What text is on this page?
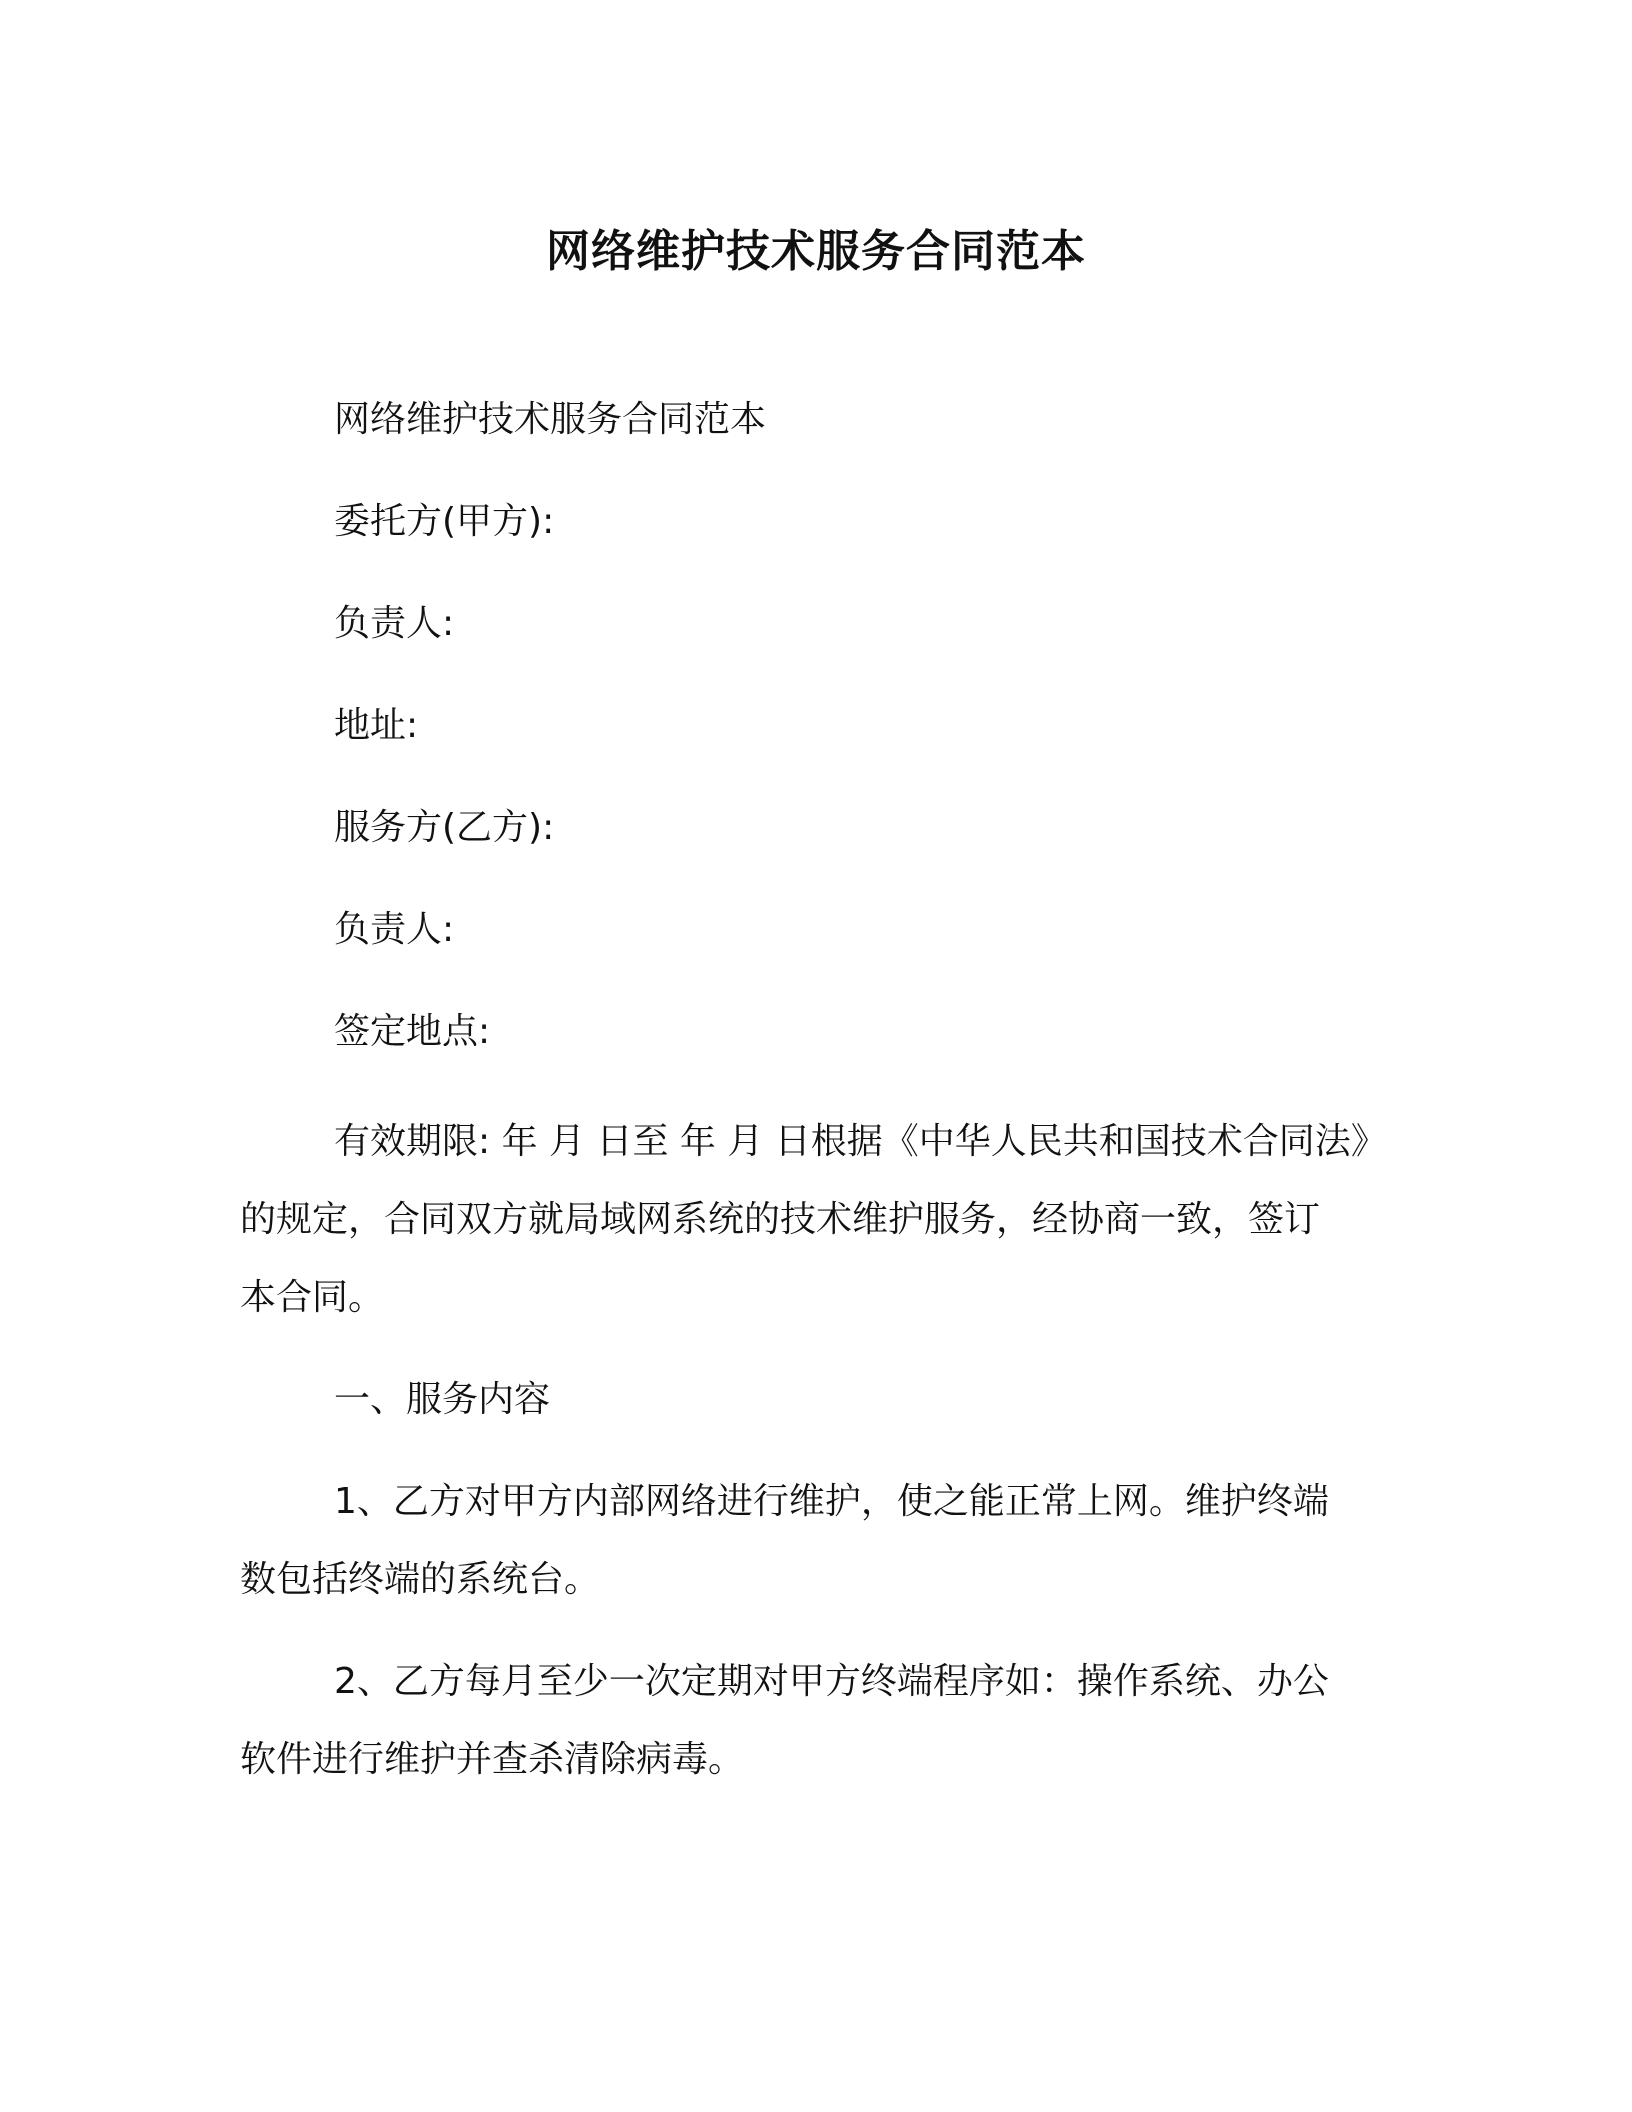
网络维护技术服务合同范本
网络维护技术服务合同范本
委托方(甲方):
负责人:
地址:
服务方(乙方):
负责人:
签定地点:
有效期限: 年 月 日至 年 月 日根据《中华人民共和国技术合同法》
的规定，合同双方就局域网系统的技术维护服务，经协商一致，签订
本合同。
一、服务内容
1、乙方对甲方内部网络进行维护，使之能正常上网。维护终端
数包括终端的系统台。
2、乙方每月至少一次定期对甲方终端程序如：操作系统、办公
软件进行维护并查杀清除病毒。
